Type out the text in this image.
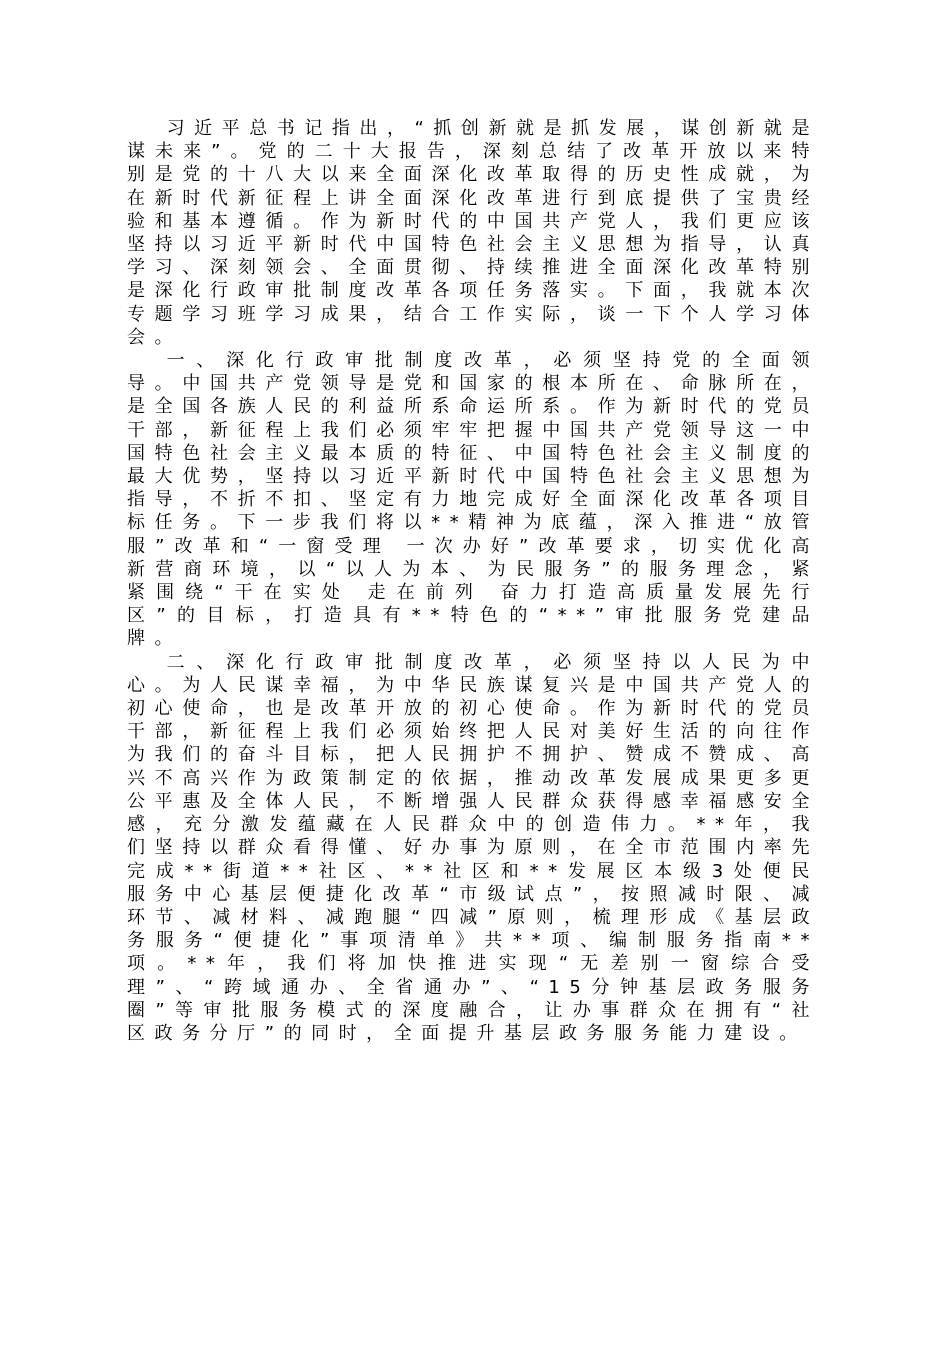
习近平总书记指出，“抓创新就是抓发展，谋创新就是谋未来”。党的二十大报告，深刻总结了改革开放以来特别是党的十八大以来全面深化改革取得的历史性成就，为在新时代新征程上讲全面深化改革进行到底提供了宝贵经验和基本遵循。作为新时代的中国共产党人，我们更应该坚持以习近平新时代中国特色社会主义思想为指导，认真学习、深刻领会、全面贯彻、持续推进全面深化改革特别是深化行政审批制度改革各项任务落实。下面，我就本次专题学习班学习成果，结合工作实际，谈一下个人学习体会。

一、深化行政审批制度改革，必须坚持党的全面领导。中国共产党领导是党和国家的根本所在、命脉所在，是全国各族人民的利益所系命运所系。作为新时代的党员干部，新征程上我们必须牢牢把握中国共产党领导这一中国特色社会主义最本质的特征、中国特色社会主义制度的最大优势，坚持以习近平新时代中国特色社会主义思想为指导，不折不扣、坚定有力地完成好全面深化改革各项目标任务。下一步我们将以**精神为底蕴，深入推进“放管服”改革和“一窗受理 一次办好”改革要求，切实优化高新营商环境，以“以人为本、为民服务”的服务理念，紧紧围绕“干在实处 走在前列 奋力打造高质量发展先行区”的目标，打造具有**特色的“**”审批服务党建品牌。

二、深化行政审批制度改革，必须坚持以人民为中心。为人民谋幸福，为中华民族谋复兴是中国共产党人的初心使命，也是改革开放的初心使命。作为新时代的党员干部，新征程上我们必须始终把人民对美好生活的向往作为我们的奋斗目标，把人民拥护不拥护、赞成不赞成、高兴不高兴作为政策制定的依据，推动改革发展成果更多更公平惠及全体人民，不断增强人民群众获得感幸福感安全感，充分激发蕴藏在人民群众中的创造伟力。**年，我们坚持以群众看得懂、好办事为原则，在全市范围内率先完成**街道**社区、**社区和**发展区本级3处便民服务中心基层便捷化改革“市级试点”，按照减时限、减环节、减材料、减跑腿“四减”原则，梳理形成《基层政务服务“便捷化”事项清单》共**项、编制服务指南**项。**年，我们将加快推进实现“无差别一窗综合受理”、“跨域通办、全省通办”、“15分钟基层政务服务圈”等审批服务模式的深度融合，让办事群众在拥有“社区政务分厅”的同时，全面提升基层政务服务能力建设。
